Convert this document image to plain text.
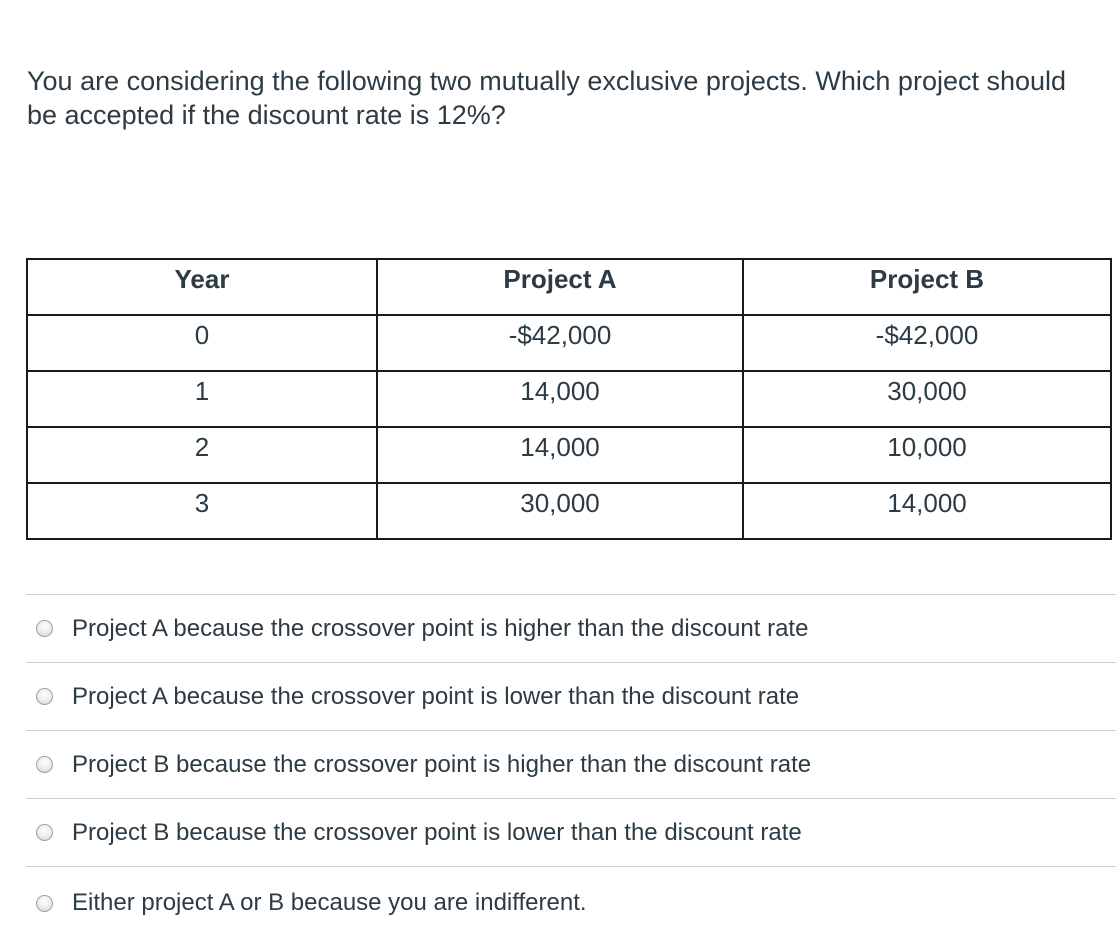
You are considering the following two mutually exclusive projects. Which project should be accepted if the discount rate is 12%?

Year	Project A	Project B
0	-$42,000	-$42,000
1	14,000	30,000
2	14,000	10,000
3	30,000	14,000
Project A because the crossover point is higher than the discount rate
Project A because the crossover point is lower than the discount rate
Project B because the crossover point is higher than the discount rate
Project B because the crossover point is lower than the discount rate
Either project A or B because you are indifferent.
